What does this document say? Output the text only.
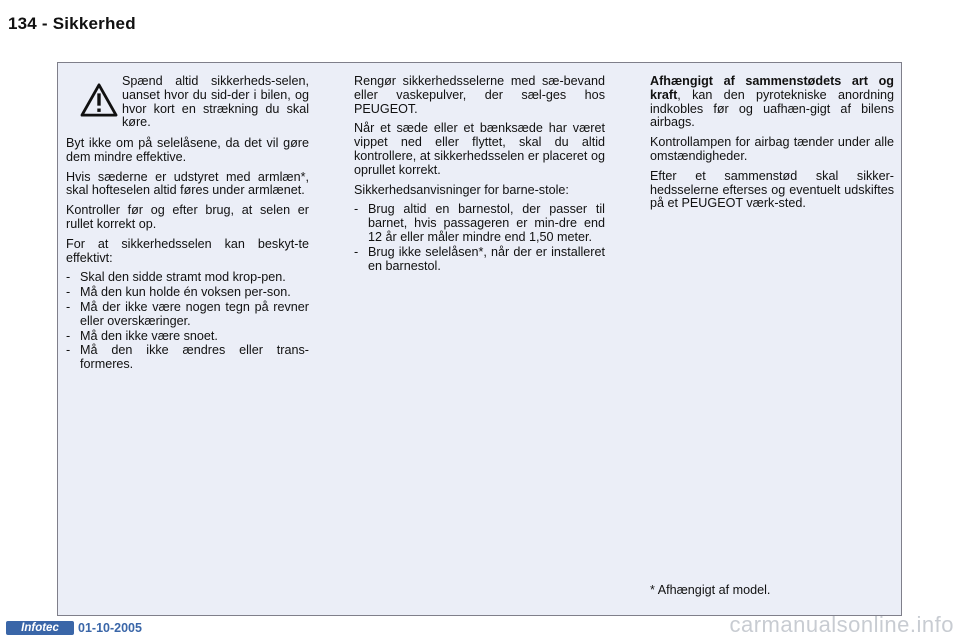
134 - Sikkerhed
Spænd altid sikkerheds-selen, uanset hvor du sid-der i bilen, og hvor kort en strækning du skal køre.

Byt ikke om på selelåsene, da det vil gøre dem mindre effektive.

Hvis sæderne er udstyret med armlæn*, skal hofteselen altid føres under armlænet.

Kontroller før og efter brug, at selen er rullet korrekt op.

For at sikkerhedsselen kan beskyt-te effektivt:

- Skal den sidde stramt mod krop-pen.
- Må den kun holde én voksen per-son.
- Må der ikke være nogen tegn på revner eller overskæringer.
- Må den ikke være snoet.
- Må den ikke ændres eller trans-formeres.

Rengør sikkerhedsselerne med sæ-bevand eller vaskepulver, der sæl-ges hos PEUGEOT.

Når et sæde eller et bænksæde har været vippet ned eller flyttet, skal du altid kontrollere, at sikkerhedsselen er placeret og oprullet korrekt.

Sikkerhedsanvisninger for barne-stole:

- Brug altid en barnestol, der passer til barnet, hvis passageren er min-dre end 12 år eller måler mindre end 1,50 meter.
- Brug ikke selelåsen*, når der er installeret en barnestol.

Afhængigt af sammenstødets art og kraft, kan den pyrotekniske anordning indkobles før og uafhæn-gigt af bilens airbags.

Kontrollampen for airbag tænder under alle omstændigheder.

Efter et sammenstød skal sikker-hedsselerne efterses og eventuelt udskiftes på et PEUGEOT værk-sted.

* Afhængigt af model.
Infotec	01-10-2005	carmanualsonline.info
